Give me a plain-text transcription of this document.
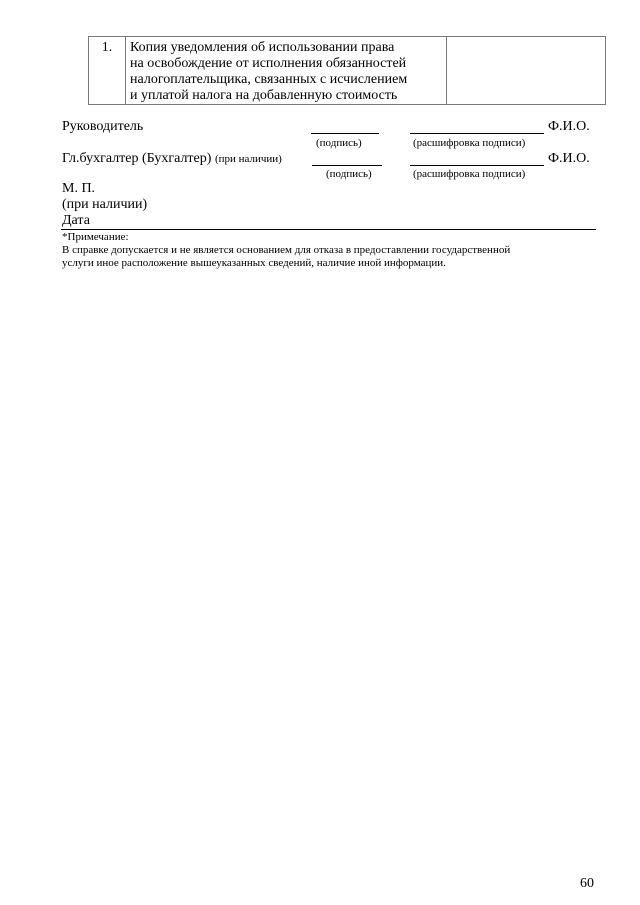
1.	Копия уведомления об использовании права
на освобождение от исполнения обязанностей
налогоплательщика, связанных с исчислением
и уплатой налога на добавленную стоимость

Руководитель	Ф.И.О.
(подпись)	(расшифровка подписи)
Гл.бухгалтер (Бухгалтер) (при наличии)	Ф.И.О.
(подпись)	(расшифровка подписи)
М. П.
(при наличии)
Дата
*Примечание:
В справке допускается и не является основанием для отказа в предоставлении государственной
услуги иное расположение вышеуказанных сведений, наличие иной информации.
60
